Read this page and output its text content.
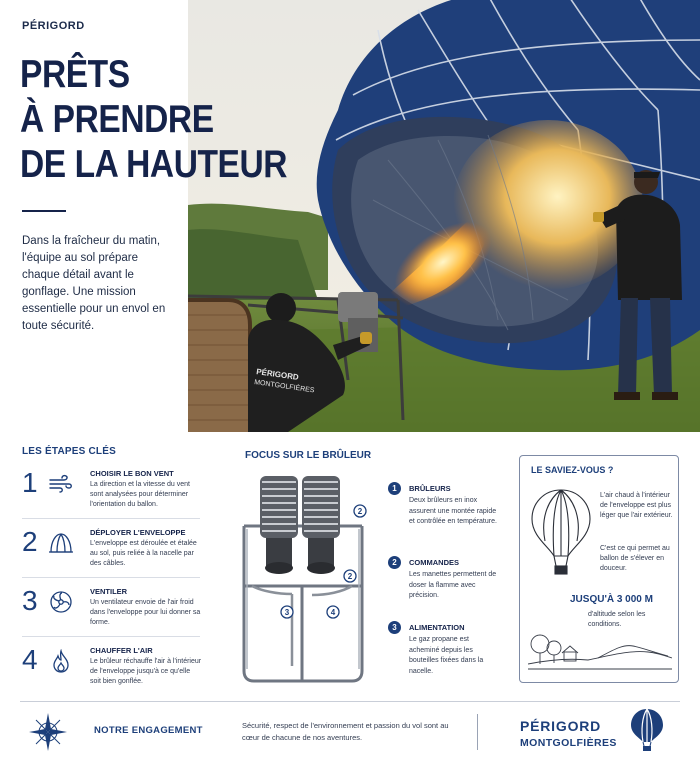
PÉRIGORD
MONTGOLFIÈRES
PÉRIGORD
PRÊTS
À PRENDRE
DE LA HAUTEUR

Dans la fraîcheur du matin, l'équipe au sol prépare chaque détail avant le gonflage. Une mission essentielle pour un envol en toute sécurité.

LES ÉTAPES CLÉS
1	CHOISIR LE BON VENT
La direction et la vitesse du vent sont analysées pour déterminer l'orientation du ballon.
2	DÉPLOYER L'ENVELOPPE
L'enveloppe est déroulée et étalée au sol, puis reliée à la nacelle par des câbles.
3	VENTILER
Un ventilateur envoie de l'air froid dans l'enveloppe pour lui donner sa forme.
4	CHAUFFER L'AIR
Le brûleur réchauffe l'air à l'intérieur de l'enveloppe jusqu'à ce qu'elle soit bien gonflée.
FOCUS SUR LE BRÛLEUR
2
2
3	4
1	BRÛLEURS
Deux brûleurs en inox assurent une montée rapide et contrôlée en température.
2	COMMANDES
Les manettes permettent de doser la flamme avec précision.
3	ALIMENTATION
Le gaz propane est acheminé depuis les bouteilles fixées dans la nacelle.
LE SAVIEZ-VOUS ?
L'air chaud à l'intérieur de l'enveloppe est plus léger que l'air extérieur.
C'est ce qui permet au ballon de s'élever en douceur.
JUSQU'À 3 000 M
d'altitude selon les conditions.
NOTRE ENGAGEMENT	Sécurité, respect de l'environnement et passion du vol sont au cœur de chacune de nos aventures.
PÉRIGORD
MONTGOLFIÈRES
